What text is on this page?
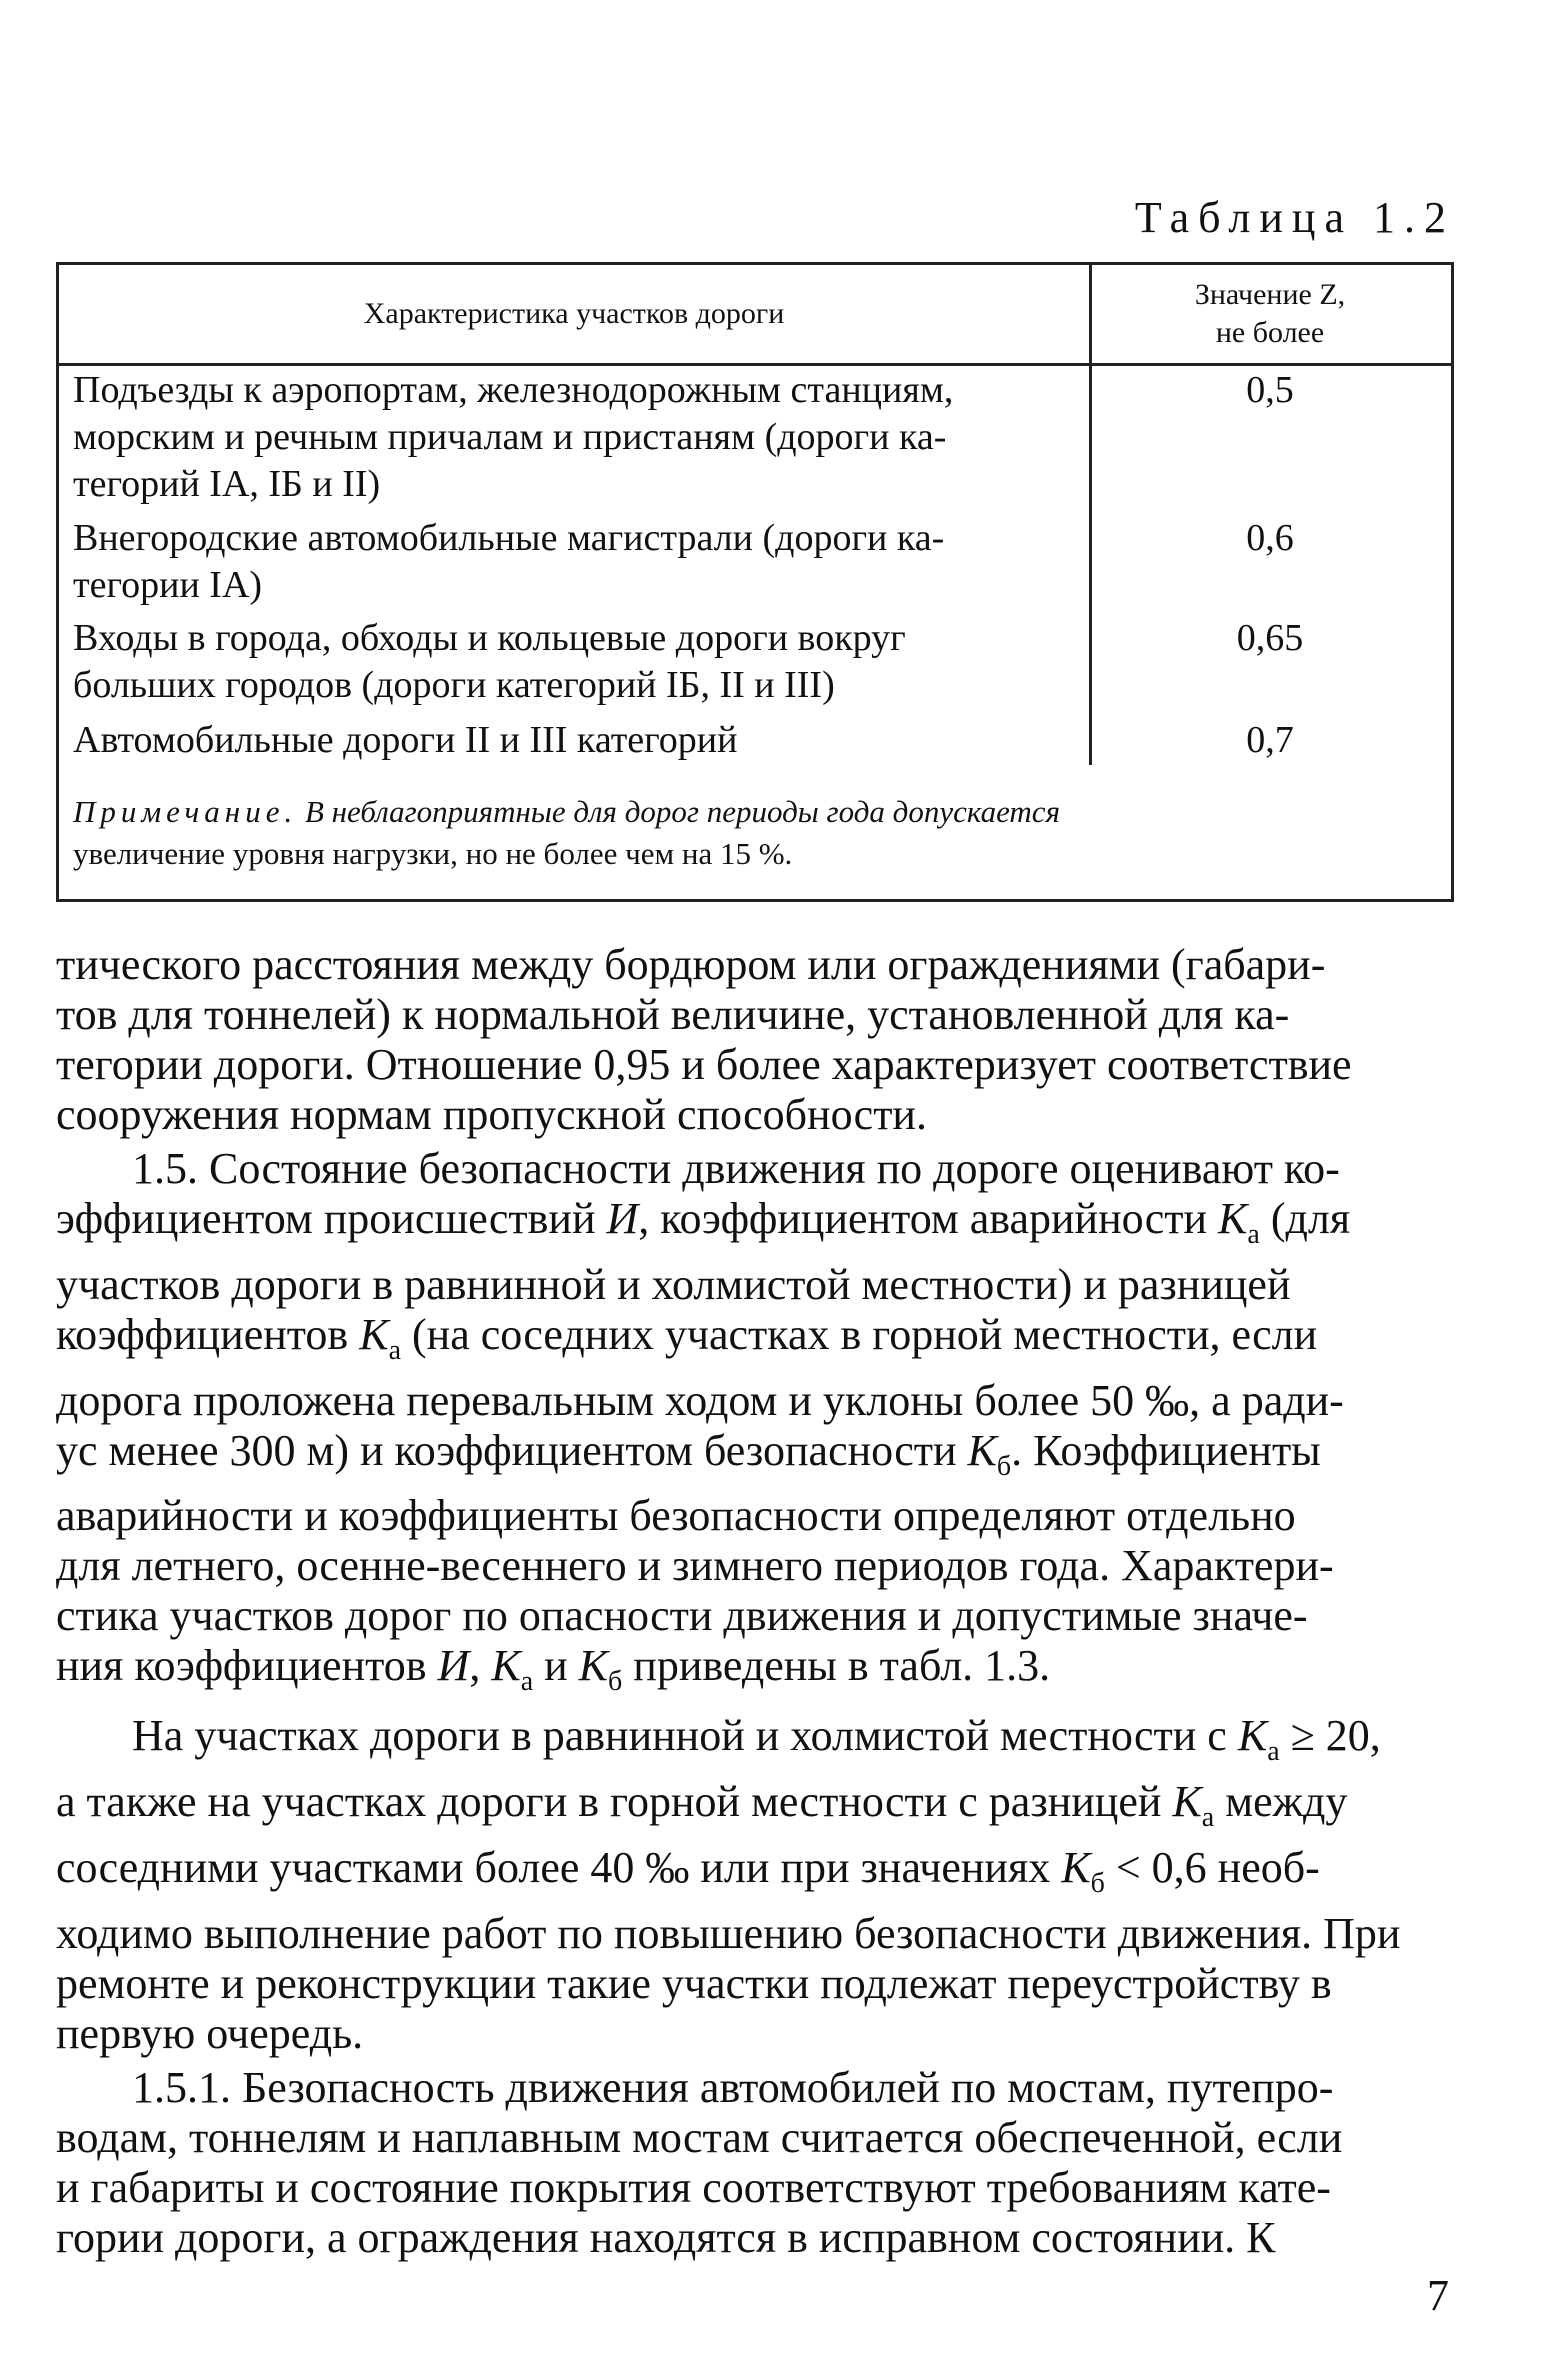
Таблица 1.2
Характеристика участков дороги
Значение Z,
не более
Подъезды к аэропортам, железнодорожным станциям,
морским и речным причалам и пристаням (дороги ка-
тегорий IA, IБ и II)
0,5
Внегородские автомобильные магистрали (дороги ка-
тегории IA)
0,6
Входы в города, обходы и кольцевые дороги вокруг
больших городов (дороги категорий IБ, II и III)
0,65
Автомобильные дороги II и III категорий	0,7
Примечание. В неблагоприятные для дорог периоды года допускается
увеличение уровня нагрузки, но не более чем на 15 %.

тического расстояния между бордюром или ограждениями (габари-

тов для тоннелей) к нормальной величине, установленной для ка-

тегории дороги. Отношение 0,95 и более характеризует соответствие

сооружения нормам пропускной способности.

1.5. Состояние безопасности движения по дороге оценивают ко-

эффициентом происшествий И, коэффициентом аварийности $K_а$ (для

участков дороги в равнинной и холмистой местности) и разницей

коэффициентов $K_а$ (на соседних участках в горной местности, если

дорога проложена перевальным ходом и уклоны более 50 ‰, а ради-

ус менее 300 м) и коэффициентом безопасности $K_б$. Коэффициенты

аварийности и коэффициенты безопасности определяют отдельно

для летнего, осенне-весеннего и зимнего периодов года. Характери-

стика участков дорог по опасности движения и допустимые значе-

ния коэффициентов И, $K_а$ и $K_б$ приведены в табл. 1.3.

На участках дороги в равнинной и холмистой местности с $K_а \ge 20$,

а также на участках дороги в горной местности с разницей $K_а$ между

соседними участками более 40 ‰ или при значениях $K_б < 0,6$ необ-

ходимо выполнение работ по повышению безопасности движения. При

ремонте и реконструкции такие участки подлежат переустройству в

первую очередь.

1.5.1. Безопасность движения автомобилей по мостам, путепро-

водам, тоннелям и наплавным мостам считается обеспеченной, если

и габариты и состояние покрытия соответствуют требованиям кате-

гории дороги, а ограждения находятся в исправном состоянии. К

7
